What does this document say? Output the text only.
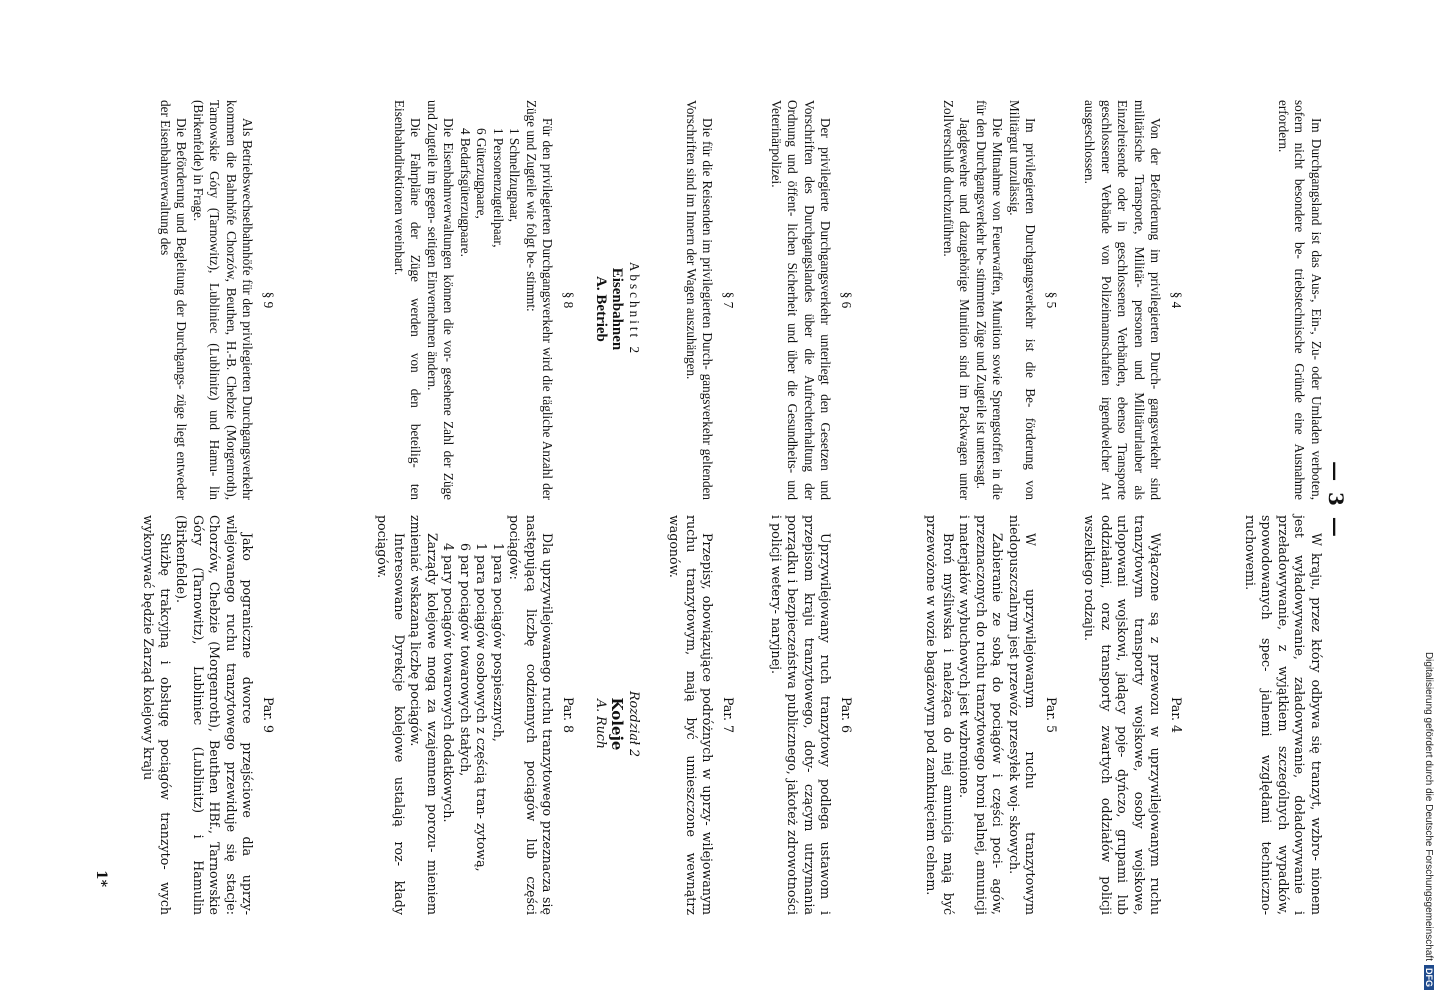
— 3 —

Im Durchgangsland ist das Aus-, Ein-, Zu- oder Umladen verboten, sofern nicht besondere be- triebstechnische Gründe eine Ausnahme erfordern.

§ 4

Von der Beförderung im privilegierten Durch- gangsverkehr sind militärische Transporte, Militär- personen und Militärurlauber als Einzelreisende oder in geschlossenen Verbänden, ebenso Transporte geschlossener Verbände von Polizeimannschaften irgendwelcher Art ausgeschlossen.

§ 5

Im privilegierten Durchgangsverkehr ist die Be- förderung von Militärgut unzulässig.

Die Mitnahme von Feuerwaffen, Munition sowie Sprengstoffen in die für den Durchgangsverkehr be- stimmten Züge und Zugteile ist untersagt.

Jagdgewehre und dazugehörige Munition sind im Packwagen unter Zollverschluß durchzuführen.

§ 6

Der privilegierte Durchgangsverkehr unterliegt den Gesetzen und Vorschriften des Durchgangslandes über die Aufrechterhaltung der Ordnung und öffent- lichen Sicherheit und über die Gesundheits- und Veterinärpolizei.

§ 7

Die für die Reisenden im privilegierten Durch- gangsverkehr geltenden Vorschriften sind im Innern der Wagen auszuhängen.

Abschnitt 2

Eisenbahnen

A. Betrieb

§ 8

Für den privilegierten Durchgangsverkehr wird die tägliche Anzahl der Züge und Zugteile wie folgt be- stimmt:

1 Schnellzugpaar,
1 Personenzugteilpaar,
6 Güterzugpaare,
4 Bedarfsgüterzugpaare.

Die Eisenbahnverwaltungen können die vor- gesehene Zahl der Züge und Zugteile im gegen- seitigen Einvernehmen ändern.

Die Fahrpläne der Züge werden von den beteilig- ten Eisenbahndirektionen vereinbart.

§ 9

Als Betriebswechselbahnhöfe für den privilegierten Durchgangsverkehr kommen die Bahnhöfe Chorzów, Beuthen, H.-B. Chebzie (Morgenroth), Tarnowskie Góry (Tarnowitz), Lubliniec (Lublinitz) und Hamu- lin (Birkenfelde) in Frage.

Die Beförderung und Begleitung der Durchgangs- züge liegt entweder der Eisenbahnverwaltung des

W kraju, przez który odbywa się tranzyt, wzbro- nionem jest wyładowywanie, załadowywanie, doładowywanie i przeładowywanie, z wyjątkiem szczególnych wypadków, spowodowanych spec- jalnemi względami techniczno-ruchowemi.

Par. 4

Wyłączone są z przewozu w uprzywilejowanym ruchu tranzytowym transporty wojskowe, osoby wojskowe, urlopowani wojskowi, jadący poje- dyńczo, grupami lub oddziałami, oraz transporty zwartych oddziałów policji wszelkiego rodzaju.

Par. 5

W uprzywilejowanym ruchu tranzytowym niedopuszczalnym jest przewóz przesyłek woj- skowych.

Zabieranie ze sobą do pociągów i części poci- agów, przeznaczonych do ruchu tranzytowego broni palnej, amunicji i materjałów wybuchowych jest wzbronione.

Broń myśliwska i należąca do niej amunicja mają być przewożone w wozie bagażowym pod zamknięciem celnem.

Par. 6

Uprzywilejowany ruch tranzytowy podlega ustawom i przepisom kraju tranzytowego, doty- czącym utrzymania porządku i bezpieczeństwa publicznego, jakoteż zdrowotności i policji wetery- naryjnej.

Par. 7

Przepisy, obowiązujące podróżnych w uprzy- wilejowanym ruchu tranzytowym, mają być umieszczone wewnątrz wagonów.

Rozdział 2

Koleje

A. Ruch

Par. 8

Dla uprzywilejowanego ruchu tranzytowego przeznacza się następującą liczbę codziennych pociągów lub części pociągów:

1 para pociągów pospiesznych,
1 para pociągów osobowych z częścią tran- zytową,
6 par pociągów towarowych stałych,
4 pary pociągów towarowych dodatkowych.

Zarządy kolejowe mogą za wzajemnem porozu- mieniem zmieniać wskazaną liczbę pociągów.

Interesowane Dyrekcje kolejowe ustalają roz- kłady pociągów.

Par. 9

Jako pograniczne dworce przejściowe dla uprzy- wilejowanego ruchu tranzytowego przewiduje się stacje: Chorzów, Chebzie (Morgenroth), Beuthen HBf., Tarnowskie Góry (Tarnowitz), Lubliniec (Lublinitz) i Hamulin (Birkenfelde).

Służbę trakcyjną i obsługę pociągów tranzyto- wych wykonywać będzie Zarząd kolejowy kraju

1*	Digitalisierung gefördert durch die Deutsche ForschungsgemeinschaftDFG
